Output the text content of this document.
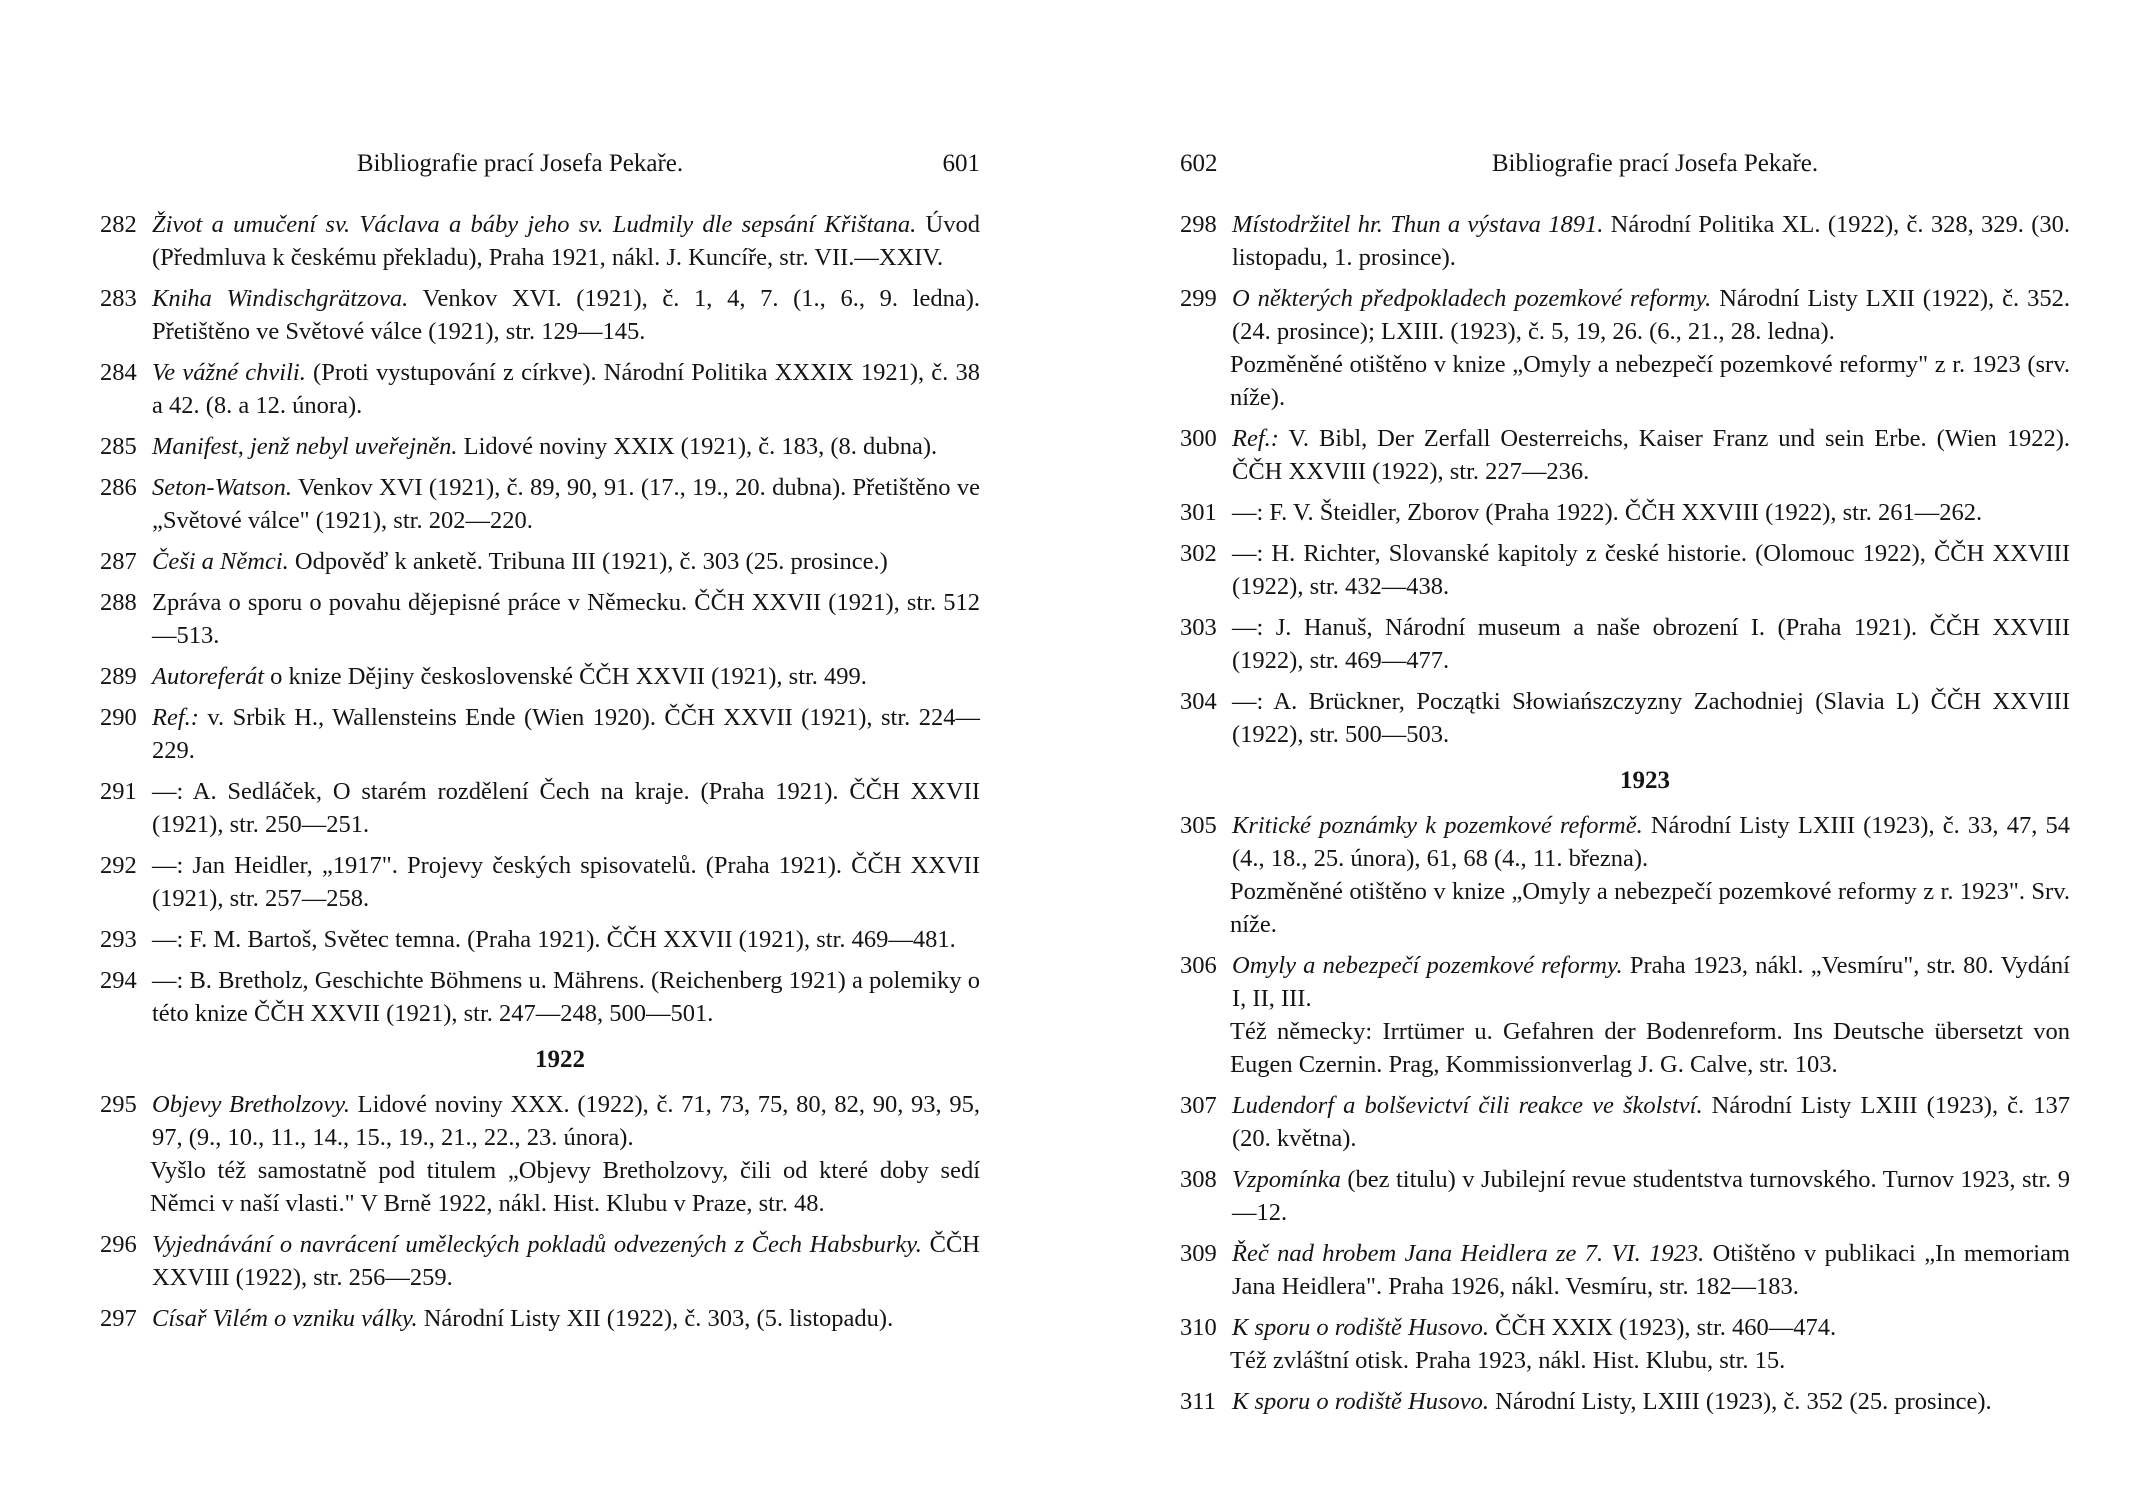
Bibliografie prací Josefa Pekaře.	601
282 Život a umučení sv. Václava a báby jeho sv. Ludmily dle sepsání Křištana. Úvod (Předmluva k českému překladu), Praha 1921, nákl. J. Kuncíře, str. VII.—XXIV.
283 Kniha Windischgrätzova. Venkov XVI. (1921), č. 1, 4, 7. (1., 6., 9. ledna). Přetištěno ve Světové válce (1921), str. 129—145.
284 Ve vážné chvili. (Proti vystupování z církve). Národní Politika XXXIX 1921), č. 38 a 42. (8. a 12. února).
285 Manifest, jenž nebyl uveřejněn. Lidové noviny XXIX (1921), č. 183, (8. dubna).
286 Seton-Watson. Venkov XVI (1921), č. 89, 90, 91. (17., 19., 20. dubna). Přetištěno ve „Světové válce" (1921), str. 202—220.
287 Češi a Němci. Odpověď k anketě. Tribuna III (1921), č. 303 (25. prosince.)
288 Zpráva o sporu o povahu dějepisné práce v Německu. ČČH XXVII (1921), str. 512—513.
289 Autoreferát o knize Dějiny československé ČČH XXVII (1921), str. 499.
290 Ref.: v. Srbik H., Wallensteins Ende (Wien 1920). ČČH XXVII (1921), str. 224—229.
291 —: A. Sedláček, O starém rozdělení Čech na kraje. (Praha 1921). ČČH XXVII (1921), str. 250—251.
292 —: Jan Heidler, „1917". Projevy českých spisovatelů. (Praha 1921). ČČH XXVII (1921), str. 257—258.
293 —: F. M. Bartoš, Světec temna. (Praha 1921). ČČH XXVII (1921), str. 469—481.
294 —: B. Bretholz, Geschichte Böhmens u. Mährens. (Reichenberg 1921) a polemiky o této knize ČČH XXVII (1921), str. 247—248, 500—501.
1922
295 Objevy Bretholzovy. Lidové noviny XXX. (1922), č. 71, 73, 75, 80, 82, 90, 93, 95, 97, (9., 10., 11., 14., 15., 19., 21., 22., 23. února).
Vyšlo též samostatně pod titulem „Objevy Bretholzovy, čili od které doby sedí Němci v naší vlasti." V Brně 1922, nákl. Hist. Klubu v Praze, str. 48.
296 Vyjednávání o navrácení uměleckých pokladů odvezených z Čech Habsburky. ČČH XXVIII (1922), str. 256—259.
297 Císař Vilém o vzniku války. Národní Listy XII (1922), č. 303, (5. listopadu).
602	Bibliografie prací Josefa Pekaře.
298 Místodržitel hr. Thun a výstava 1891. Národní Politika XL. (1922), č. 328, 329. (30. listopadu, 1. prosince).
299 O některých předpokladech pozemkové reformy. Národní Listy LXII (1922), č. 352. (24. prosince); LXIII. (1923), č. 5, 19, 26. (6., 21., 28. ledna).
Pozměněné otištěno v knize „Omyly a nebezpečí pozemkové reformy" z r. 1923 (srv. níže).
300 Ref.: V. Bibl, Der Zerfall Oesterreichs, Kaiser Franz und sein Erbe. (Wien 1922). ČČH XXVIII (1922), str. 227—236.
301 —: F. V. Šteidler, Zborov (Praha 1922). ČČH XXVIII (1922), str. 261—262.
302 —: H. Richter, Slovanské kapitoly z české historie. (Olomouc 1922), ČČH XXVIII (1922), str. 432—438.
303 —: J. Hanuš, Národní museum a naše obrození I. (Praha 1921). ČČH XXVIII (1922), str. 469—477.
304 —: A. Brückner, Początki Słowiańszczyzny Zachodniej (Slavia L) ČČH XXVIII (1922), str. 500—503.
1923
305 Kritické poznámky k pozemkové reformě. Národní Listy LXIII (1923), č. 33, 47, 54 (4., 18., 25. února), 61, 68 (4., 11. března).
Pozměněné otištěno v knize „Omyly a nebezpečí pozemkové reformy z r. 1923". Srv. níže.
306 Omyly a nebezpečí pozemkové reformy. Praha 1923, nákl. „Vesmíru", str. 80. Vydání I, II, III.
Též německy: Irrtümer u. Gefahren der Bodenreform. Ins Deutsche übersetzt von Eugen Czernin. Prag, Kommissionverlag J. G. Calve, str. 103.
307 Ludendorf a bolševictví čili reakce ve školství. Národní Listy LXIII (1923), č. 137 (20. května).
308 Vzpomínka (bez titulu) v Jubilejní revue studentstva turnovského. Turnov 1923, str. 9—12.
309 Řeč nad hrobem Jana Heidlera ze 7. VI. 1923. Otištěno v publikaci „In memoriam Jana Heidlera". Praha 1926, nákl. Vesmíru, str. 182—183.
310 K sporu o rodiště Husovo. ČČH XXIX (1923), str. 460—474.
Též zvláštní otisk. Praha 1923, nákl. Hist. Klubu, str. 15.
311 K sporu o rodiště Husovo. Národní Listy, LXIII (1923), č. 352 (25. prosince).
